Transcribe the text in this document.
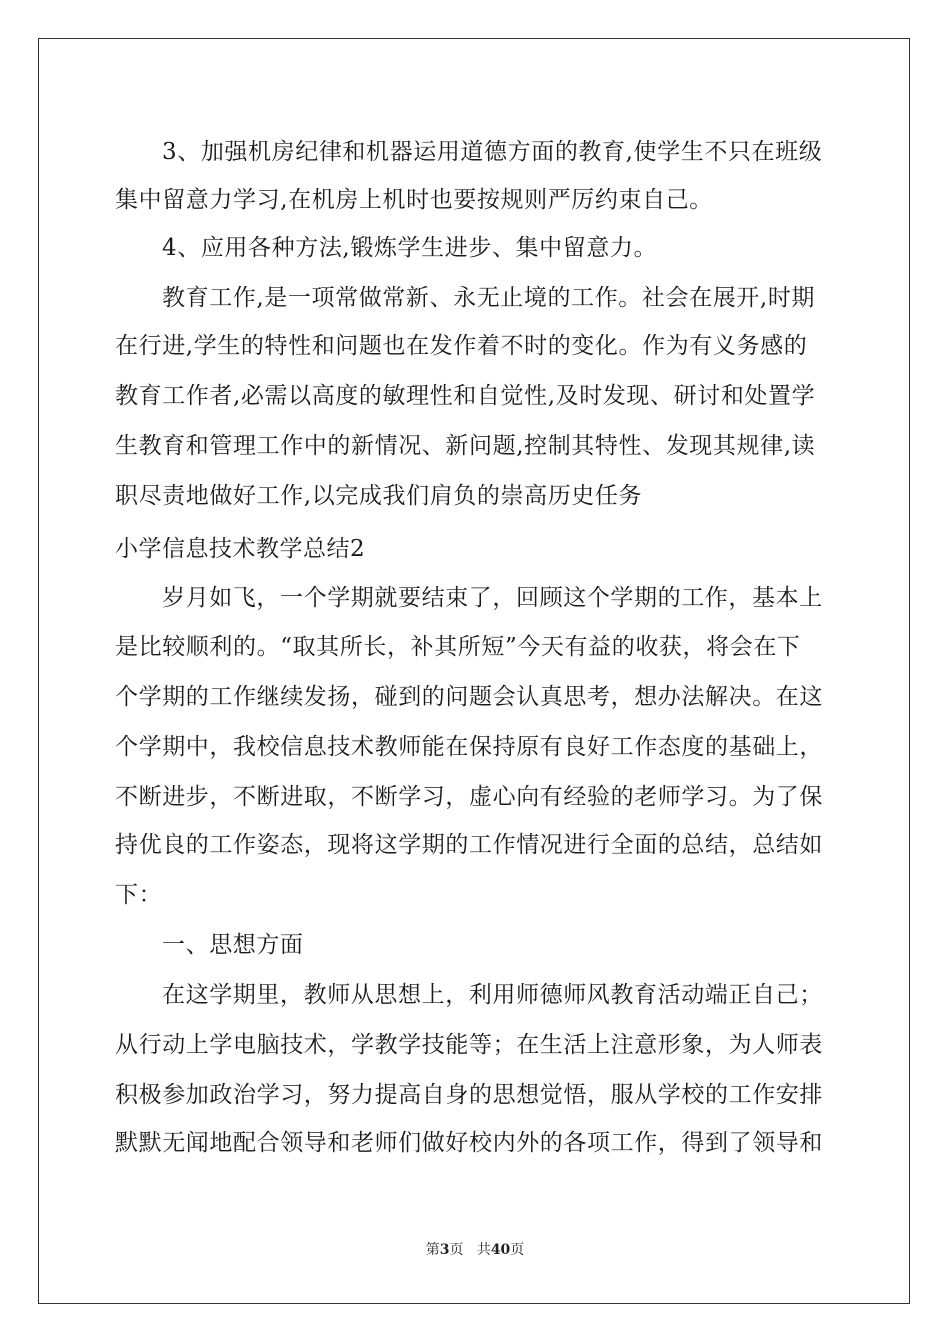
3、加强机房纪律和机器运用道德方面的教育,使学生不只在班级
集中留意力学习,在机房上机时也要按规则严厉约束自己。
4、应用各种方法,锻炼学生进步、集中留意力。
教育工作,是一项常做常新、永无止境的工作。社会在展开,时期
在行进,学生的特性和问题也在发作着不时的变化。作为有义务感的
教育工作者,必需以高度的敏理性和自觉性,及时发现、研讨和处置学
生教育和管理工作中的新情况、新问题,控制其特性、发现其规律,读
职尽责地做好工作,以完成我们肩负的崇高历史任务
小学信息技术教学总结2
岁月如飞，一个学期就要结束了，回顾这个学期的工作，基本上
是比较顺利的。“取其所长，补其所短”今天有益的收获，将会在下
个学期的工作继续发扬，碰到的问题会认真思考，想办法解决。在这
个学期中，我校信息技术教师能在保持原有良好工作态度的基础上，
不断进步，不断进取，不断学习，虚心向有经验的老师学习。为了保
持优良的工作姿态，现将这学期的工作情况进行全面的总结，总结如
下：
一、思想方面
在这学期里，教师从思想上，利用师德师风教育活动端正自己；
从行动上学电脑技术，学教学技能等；在生活上注意形象，为人师表
积极参加政治学习，努力提高自身的思想觉悟，服从学校的工作安排
默默无闻地配合领导和老师们做好校内外的各项工作，得到了领导和
第3页 共40页
